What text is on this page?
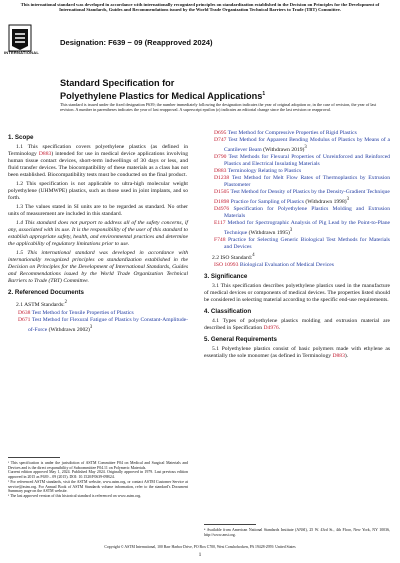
This international standard was developed in accordance with internationally recognized principles on standardization established in the Decision on Principles for the Development of International Standards, Guides and Recommendations issued by the World Trade Organization Technical Barriers to Trade (TBT) Committee.
INTERNATIONAL
Designation: F639 − 09 (Reapproved 2024)
Standard Specification for
Polyethylene Plastics for Medical Applications$^1$
This standard is issued under the fixed designation F639; the number immediately following the designation indicates the year of original adoption or, in the case of revision, the year of last revision. A number in parentheses indicates the year of last reapproval. A superscript epsilon (ε) indicates an editorial change since the last revision or reapproval.
1. Scope
1.1 This specification covers polyethylene plastics (as defined in Terminology D883) intended for use in medical device applications involving human tissue contact devices, short-term indwellings of 30 days or less, and fluid transfer devices. The biocompatibility of these materials as a class has not been established. Biocompatibility tests must be conducted on the final product.
1.2 This specification is not applicable to ultra-high molecular weight polyethylene (UHMWPE) plastics, such as those used in joint implants, and so forth.
1.3 The values stated in SI units are to be regarded as standard. No other units of measurement are included in this standard.
1.4 This standard does not purport to address all of the safety concerns, if any, associated with its use. It is the responsibility of the user of this standard to establish appropriate safety, health, and environmental practices and determine the applicability of regulatory limitations prior to use.
1.5 This international standard was developed in accordance with internationally recognized principles on standardization established in the Decision on Principles for the Development of International Standards, Guides and Recommendations issued by the World Trade Organization Technical Barriers to Trade (TBT) Committee.
2. Referenced Documents
2.1 ASTM Standards:$^2$
D638 Test Method for Tensile Properties of Plastics
D671 Test Method for Flexural Fatigue of Plastics by Constant-Amplitude-of-Force (Withdrawn 2002)$^3$
D695 Test Method for Compressive Properties of Rigid Plastics
D747 Test Method for Apparent Bending Modulus of Plastics by Means of a Cantilever Beam (Withdrawn 2019)$^3$
D790 Test Methods for Flexural Properties of Unreinforced and Reinforced Plastics and Electrical Insulating Materials
D883 Terminology Relating to Plastics
D1238 Test Method for Melt Flow Rates of Thermoplastics by Extrusion Plastometer
D1505 Test Method for Density of Plastics by the Density-Gradient Technique
D1898 Practice for Sampling of Plastics (Withdrawn 1998)$^3$
D4976 Specification for Polyethylene Plastics Molding and Extrusion Materials
E117 Method for Spectrographic Analysis of Pig Lead by the Point-to-Plane Technique (Withdrawn 1995)$^3$
F748 Practice for Selecting Generic Biological Test Methods for Materials and Devices
2.2 ISO Standard:$^4$
ISO 10993 Biological Evaluation of Medical Devices
3. Significance
3.1 This specification describes polyethylene plastics used in the manufacture of medical devices or components of medical devices. The properties listed should be considered in selecting material according to the specific end-use requirements.
4. Classification
4.1 Types of polyethylene plastics molding and extrusion material are described in Specification D4976.
5. General Requirements
5.1 Polyethylene plastics consist of basic polymers made with ethylene as essentially the sole monomer (as defined in Terminology D883).
¹ This specification is under the jurisdiction of ASTM Committee F04 on Medical and Surgical Materials and Devices and is the direct responsibility of Subcommittee F04.11 on Polymeric Materials.
Current edition approved May 1, 2024. Published May 2024. Originally approved in 1979. Last previous edition approved in 2015 as F639 – 09 (2015). DOI: 10.1520/F0639-09R24.
² For referenced ASTM standards, visit the ASTM website, www.astm.org, or contact ASTM Customer Service at service@astm.org. For Annual Book of ASTM Standards volume information, refer to the standard's Document Summary page on the ASTM website.
³ The last approved version of this historical standard is referenced on www.astm.org.
⁴ Available from American National Standards Institute (ANSI), 25 W. 43rd St., 4th Floor, New York, NY 10036, http://www.ansi.org.
Copyright © ASTM International, 100 Barr Harbor Drive, PO Box C700, West Conshohocken, PA 19428-2959. United States
1
